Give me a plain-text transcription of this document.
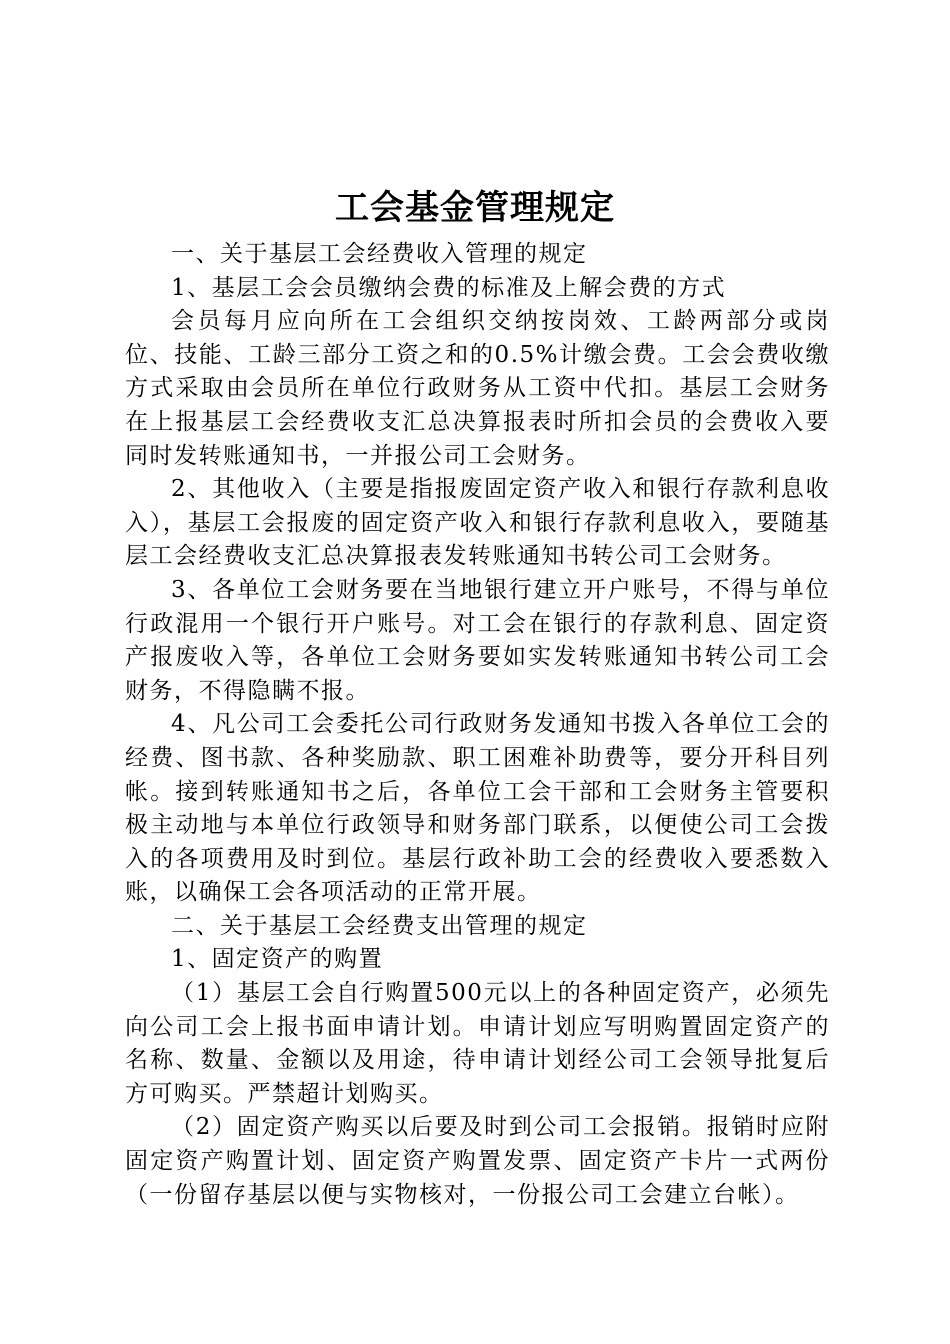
工会基金管理规定

一、关于基层工会经费收入管理的规定

1、基层工会会员缴纳会费的标准及上解会费的方式

会员每月应向所在工会组织交纳按岗效、工龄两部分或岗位、技能、工龄三部分工资之和的0.5%计缴会费。工会会费收缴方式采取由会员所在单位行政财务从工资中代扣。基层工会财务在上报基层工会经费收支汇总决算报表时所扣会员的会费收入要同时发转账通知书，一并报公司工会财务。

2、其他收入（主要是指报废固定资产收入和银行存款利息收入），基层工会报废的固定资产收入和银行存款利息收入，要随基层工会经费收支汇总决算报表发转账通知书转公司工会财务。

3、各单位工会财务要在当地银行建立开户账号，不得与单位行政混用一个银行开户账号。对工会在银行的存款利息、固定资产报废收入等，各单位工会财务要如实发转账通知书转公司工会财务，不得隐瞒不报。

4、凡公司工会委托公司行政财务发通知书拨入各单位工会的经费、图书款、各种奖励款、职工困难补助费等，要分开科目列帐。接到转账通知书之后，各单位工会干部和工会财务主管要积极主动地与本单位行政领导和财务部门联系，以便使公司工会拨入的各项费用及时到位。基层行政补助工会的经费收入要悉数入账，以确保工会各项活动的正常开展。

二、关于基层工会经费支出管理的规定

1、固定资产的购置

（1）基层工会自行购置500元以上的各种固定资产，必须先向公司工会上报书面申请计划。申请计划应写明购置固定资产的名称、数量、金额以及用途，待申请计划经公司工会领导批复后方可购买。严禁超计划购买。

（2）固定资产购买以后要及时到公司工会报销。报销时应附固定资产购置计划、固定资产购置发票、固定资产卡片一式两份（一份留存基层以便与实物核对，一份报公司工会建立台帐）。
